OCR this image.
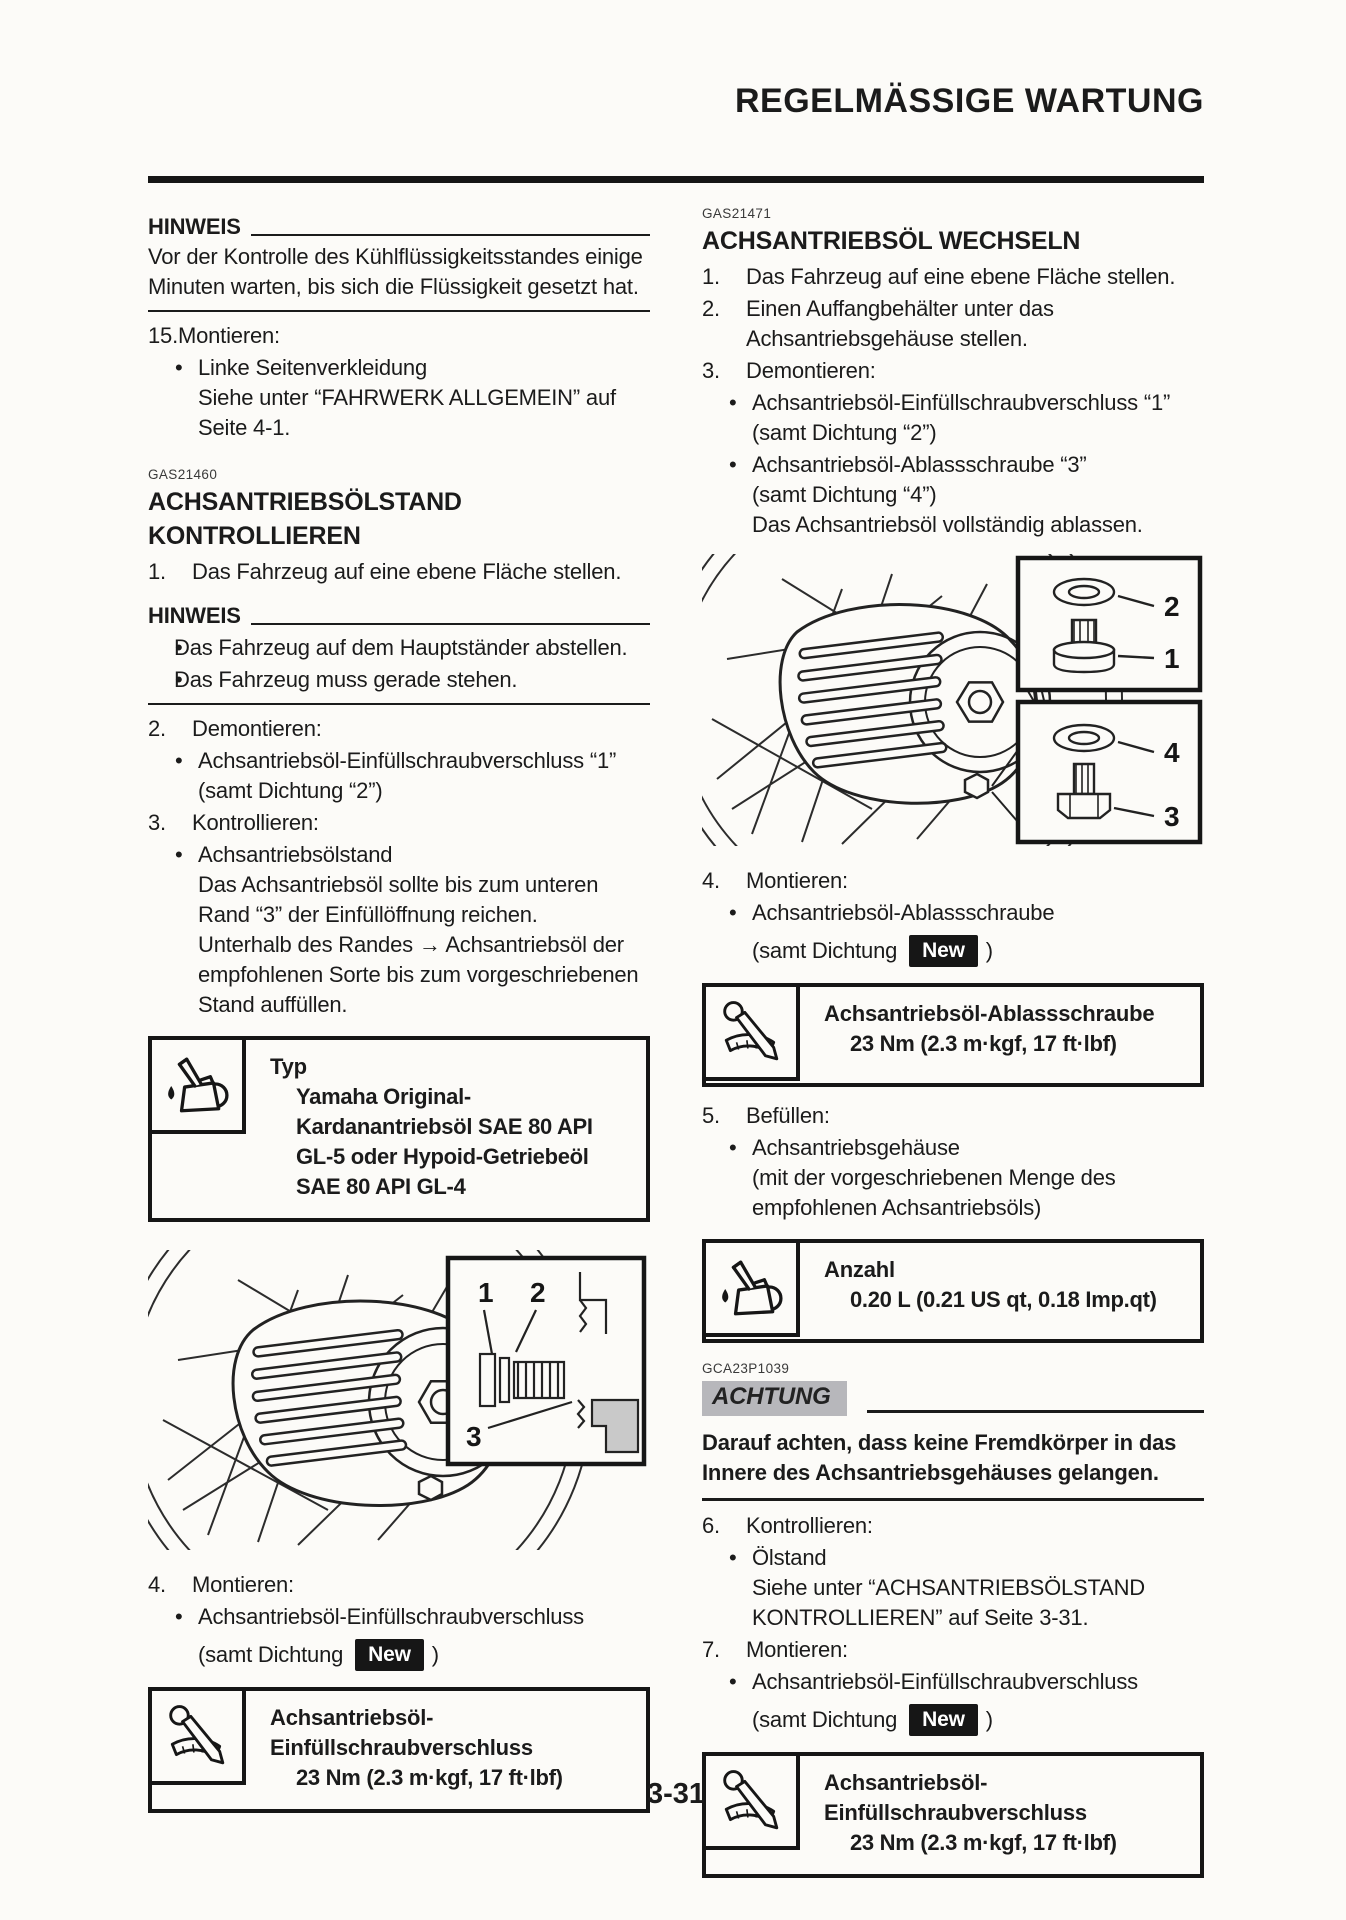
REGELMÄSSIGE WARTUNG
HINWEIS
Vor der Kontrolle des Kühlflüssigkeitsstandes einige Minuten warten, bis sich die Flüssigkeit gesetzt hat.
15.Montieren:
• Linke Seitenverkleidung
Siehe unter “FAHRWERK ALLGEMEIN” auf Seite 4-1.
GAS21460
ACHSANTRIEBSÖLSTAND KONTROLLIEREN
1.	Das Fahrzeug auf eine ebene Fläche stellen.
HINWEIS
• Das Fahrzeug auf dem Hauptständer abstellen.
• Das Fahrzeug muss gerade stehen.
2.	Demontieren:
• Achsantriebsöl-Einfüllschraubverschluss “1”
(samt Dichtung “2”)
3.	Kontrollieren:
• Achsantriebsölstand
Das Achsantriebsöl sollte bis zum unteren Rand “3” der Einfüllöffnung reichen.
Unterhalb des Randes → Achsantriebsöl der empfohlenen Sorte bis zum vorgeschriebenen Stand auffüllen.
Typ
Yamaha Original-Kardanantriebsöl SAE 80 API GL-5 oder Hypoid-Getriebeöl SAE 80 API GL-4
1 2
3
4.	Montieren:
• Achsantriebsöl-Einfüllschraubverschluss
(samt Dichtung	New )
Achsantriebsöl-Einfüllschraubverschluss
23 Nm (2.3 m·kgf, 17 ft·lbf)
GAS21471
ACHSANTRIEBSÖL WECHSELN
1.	Das Fahrzeug auf eine ebene Fläche stellen.
2.	Einen Auffangbehälter unter das Achsantriebsgehäuse stellen.
3.	Demontieren:
• Achsantriebsöl-Einfüllschraubverschluss “1”
(samt Dichtung “2”)
• Achsantriebsöl-Ablassschraube “3”
(samt Dichtung “4”)
Das Achsantriebsöl vollständig ablassen.
2
1
4
3
4.	Montieren:
• Achsantriebsöl-Ablassschraube
(samt Dichtung	New )
Achsantriebsöl-Ablassschraube
23 Nm (2.3 m·kgf, 17 ft·lbf)
5.	Befüllen:
• Achsantriebsgehäuse
(mit der vorgeschriebenen Menge des empfohlenen Achsantriebsöls)
Anzahl
0.20 L (0.21 US qt, 0.18 Imp.qt)
GCA23P1039
ACHTUNG
Darauf achten, dass keine Fremdkörper in das Innere des Achsantriebsgehäuses gelangen.
6.	Kontrollieren:
• Ölstand
Siehe unter “ACHSANTRIEBSÖLSTAND KONTROLLIEREN” auf Seite 3-31.
7.	Montieren:
• Achsantriebsöl-Einfüllschraubverschluss
(samt Dichtung	New )
Achsantriebsöl-Einfüllschraubverschluss
23 Nm (2.3 m·kgf, 17 ft·lbf)
3-31
